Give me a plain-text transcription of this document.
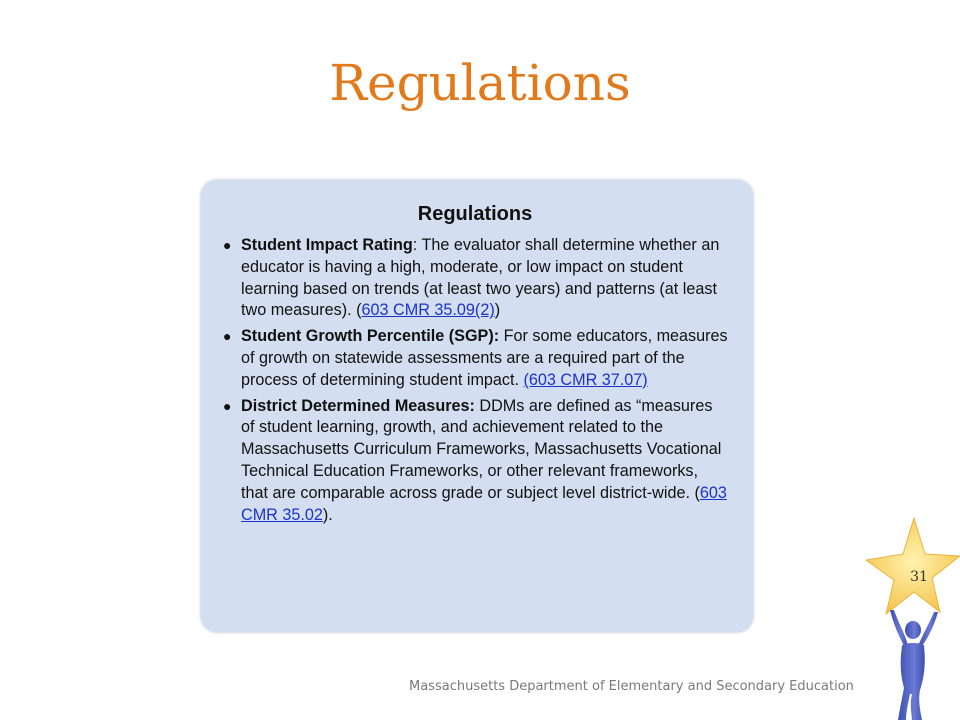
Regulations
Regulations
● Student Impact Rating: The evaluator shall determine whether an educator is having a high, moderate, or low impact on student learning based on trends (at least two years) and patterns (at least two measures). (603 CMR 35.09(2))
● Student Growth Percentile (SGP): For some educators, measures of growth on statewide assessments are a required part of the process of determining student impact. (603 CMR 37.07)
● District Determined Measures: DDMs are defined as “measures of student learning, growth, and achievement related to the Massachusetts Curriculum Frameworks, Massachusetts Vocational Technical Education Frameworks, or other relevant frameworks, that are comparable across grade or subject level district-wide. (603 CMR 35.02).
31
Massachusetts Department of Elementary and Secondary Education
